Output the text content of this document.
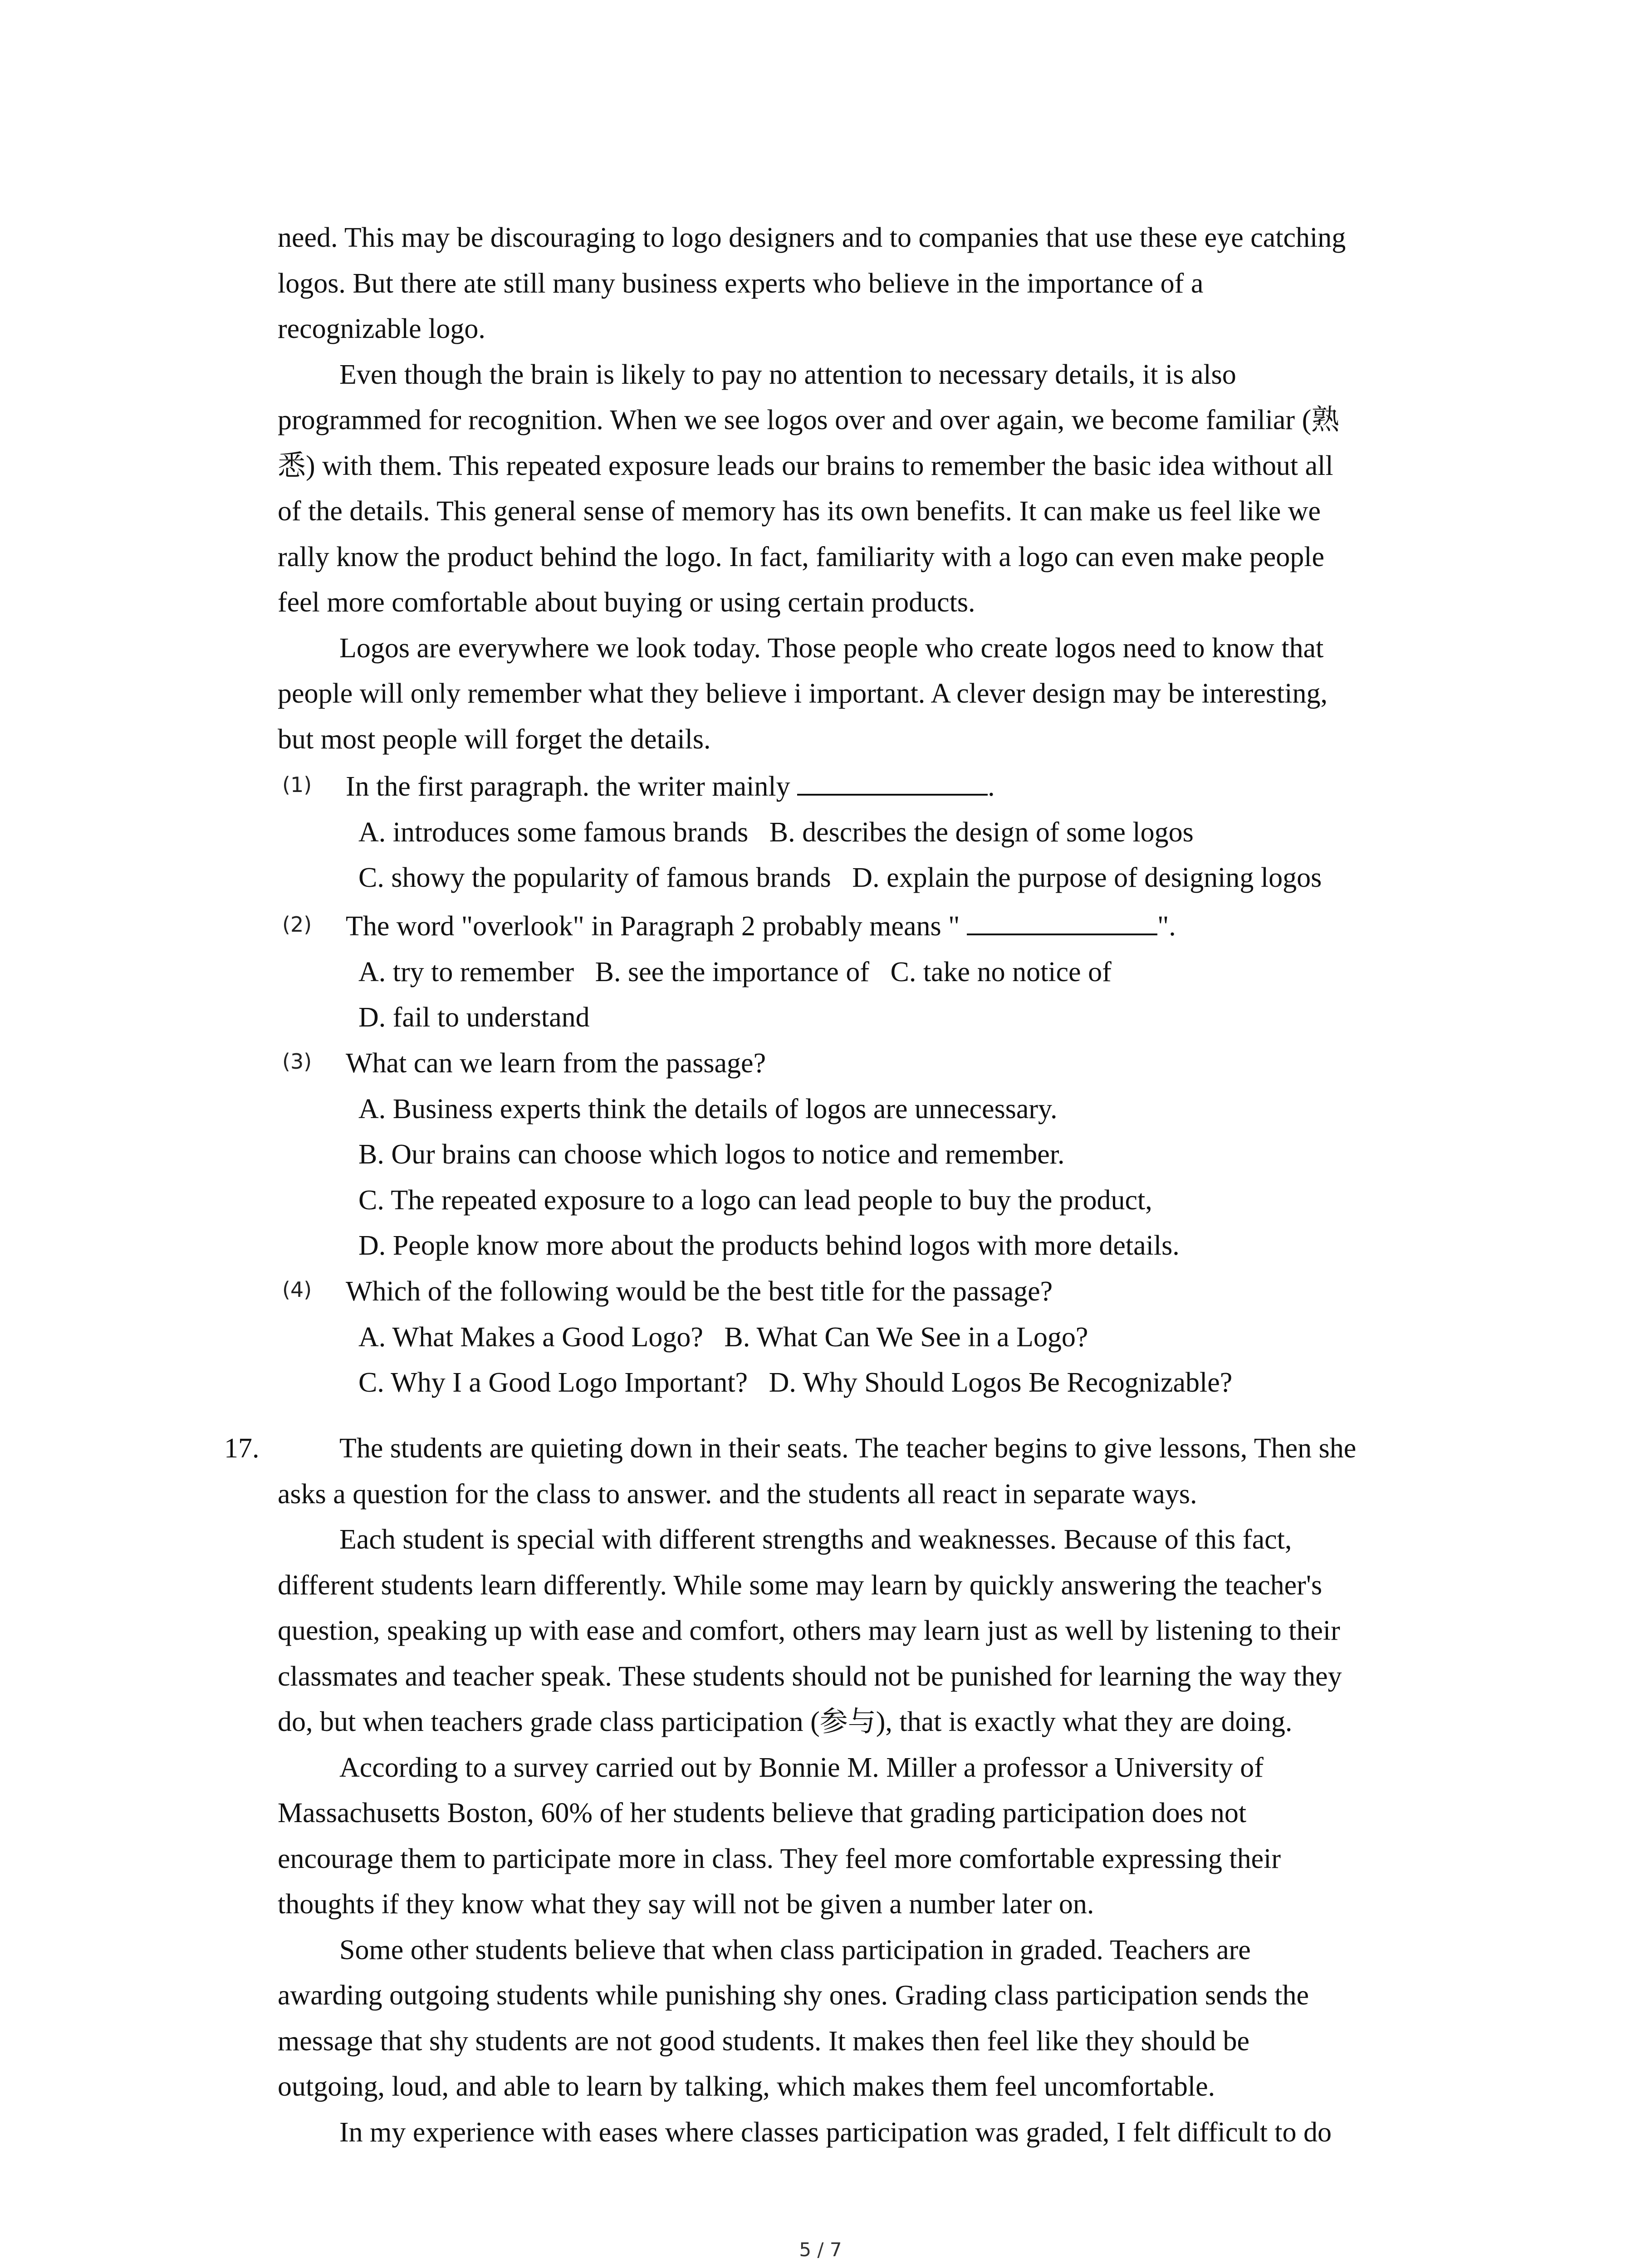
need. This may be discouraging to logo designers and to companies that use these eye catching
logos. But there ate still many business experts who believe in the importance of a
recognizable logo.
Even though the brain is likely to pay no attention to necessary details, it is also
programmed for recognition. When we see logos over and over again, we become familiar (熟
悉) with them. This repeated exposure leads our brains to remember the basic idea without all
of the details. This general sense of memory has its own benefits. It can make us feel like we
rally know the product behind the logo. In fact, familiarity with a logo can even make people
feel more comfortable about buying or using certain products.
Logos are everywhere we look today. Those people who create logos need to know that
people will only remember what they believe i important. A clever design may be interesting,
but most people will forget the details.
(1) In the first paragraph. the writer mainly	.
A. introduces some famous brands   B. describes the design of some logos
C. showy the popularity of famous brands   D. explain the purpose of designing logos
(2) The word "overlook" in Paragraph 2 probably means "	".
A. try to remember   B. see the importance of   C. take no notice of
D. fail to understand
(3) What can we learn from the passage?
A. Business experts think the details of logos are unnecessary.
B. Our brains can choose which logos to notice and remember.
C. The repeated exposure to a logo can lead people to buy the product,
D. People know more about the products behind logos with more details.
(4) Which of the following would be the best title for the passage?
A. What Makes a Good Logo?   B. What Can We See in a Logo?
C. Why I a Good Logo Important?   D. Why Should Logos Be Recognizable?
17.	The students are quieting down in their seats. The teacher begins to give lessons, Then she
asks a question for the class to answer. and the students all react in separate ways.
Each student is special with different strengths and weaknesses. Because of this fact,
different students learn differently. While some may learn by quickly answering the teacher's
question, speaking up with ease and comfort, others may learn just as well by listening to their
classmates and teacher speak. These students should not be punished for learning the way they
do, but when teachers grade class participation (参与), that is exactly what they are doing.
According to a survey carried out by Bonnie M. Miller a professor a University of
Massachusetts Boston, 60% of her students believe that grading participation does not
encourage them to participate more in class. They feel more comfortable expressing their
thoughts if they know what they say will not be given a number later on.
Some other students believe that when class participation in graded. Teachers are
awarding outgoing students while punishing shy ones. Grading class participation sends the
message that shy students are not good students. It makes then feel like they should be
outgoing, loud, and able to learn by talking, which makes them feel uncomfortable.
In my experience with eases where classes participation was graded, I felt difficult to do
5 / 7
